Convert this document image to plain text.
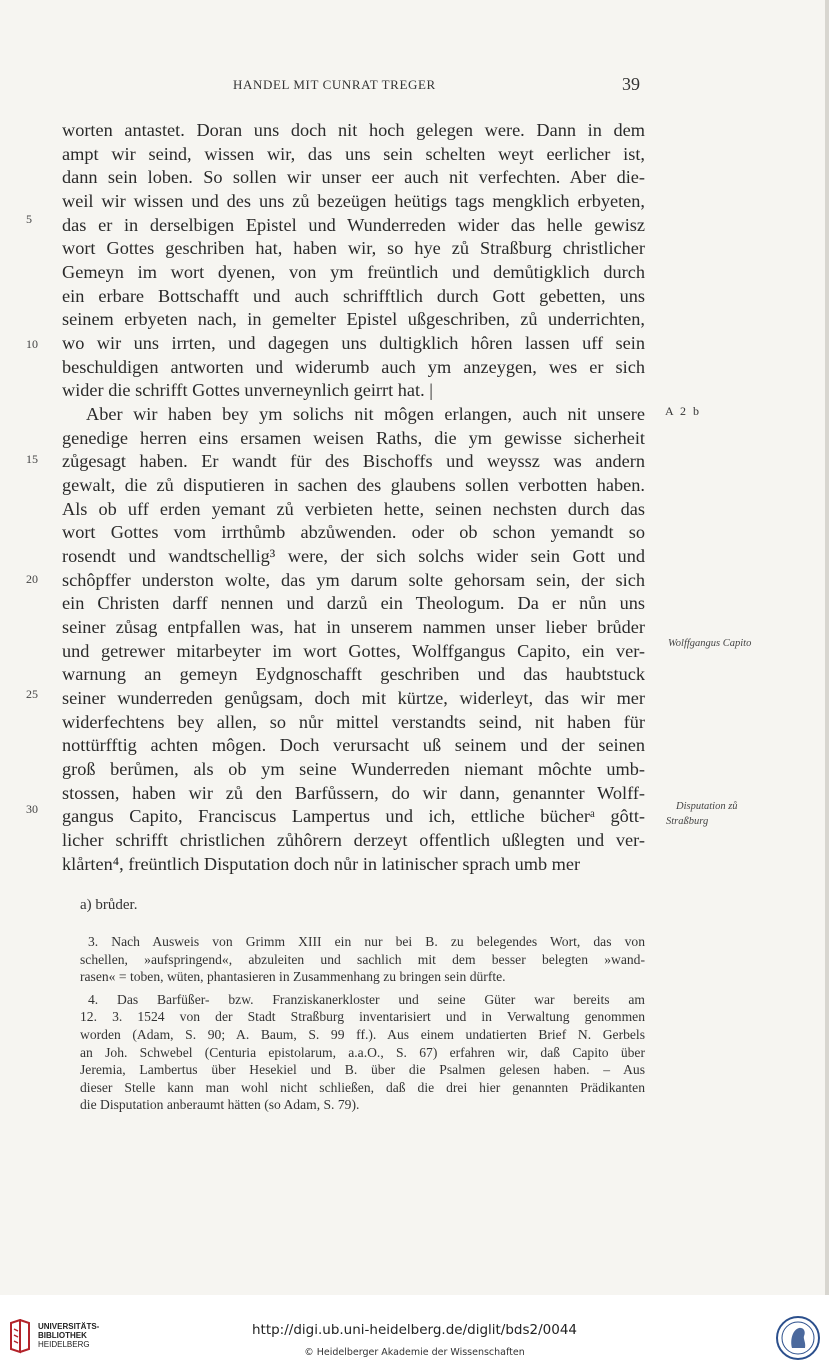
HANDEL MIT CUNRAT TREGER	39
worten antastet. Doran uns doch nit hoch gelegen were. Dann in dem
ampt wir seind, wissen wir, das uns sein schelten weyt eerlicher ist,
dann sein loben. So sollen wir unser eer auch nit verfechten. Aber die-
weil wir wissen und des uns zů bezeügen heütigs tags mengklich erbyeten,
das er in derselbigen Epistel und Wunderreden wider das helle gewisz
wort Gottes geschriben hat, haben wir, so hye zů Straßburg christlicher
Gemeyn im wort dyenen, von ym freüntlich und demůtigklich durch
ein erbare Bottschafft und auch schrifftlich durch Gott gebetten, uns
seinem erbyeten nach, in gemelter Epistel ußgeschriben, zů underrichten,
wo wir uns irrten, und dagegen uns dultigklich hôren lassen uff sein
beschuldigen antworten und widerumb auch ym anzeygen, wes er sich
wider die schrifft Gottes unverneynlich geirrt hat. |
Aber wir haben bey ym solichs nit môgen erlangen, auch nit unsere
genedige herren eins ersamen weisen Raths, die ym gewisse sicherheit
zůgesagt haben. Er wandt für des Bischoffs und weyssz was andern
gewalt, die zů disputieren in sachen des glaubens sollen verbotten haben.
Als ob uff erden yemant zů verbieten hette, seinen nechsten durch das
wort Gottes vom irrthůmb abzůwenden. oder ob schon yemandt so
rosendt und wandtschellig³ were, der sich solchs wider sein Gott und
schôpffer underston wolte, das ym darum solte gehorsam sein, der sich
ein Christen darff nennen und darzů ein Theologum. Da er nůn uns
seiner zůsag entpfallen was, hat in unserem nammen unser lieber brůder
und getrewer mitarbeyter im wort Gottes, Wolffgangus Capito, ein ver-
warnung an gemeyn Eydgnoschafft geschriben und das haubtstuck
seiner wunderreden genůgsam, doch mit kürtze, widerleyt, das wir mer
widerfechtens bey allen, so nůr mittel verstandts seind, nit haben für
nottürfftig achten môgen. Doch verursacht uß seinem und der seinen
groß berůmen, als ob ym seine Wunderreden niemant môchte umb-
stossen, haben wir zů den Barfůssern, do wir dann, genannter Wolff-
gangus Capito, Franciscus Lampertus und ich, ettliche bücherᵃ gôtt-
licher schrifft christlichen zůhôrern derzeyt offentlich ußlegten und ver-
klårten⁴, freüntlich Disputation doch nůr in latinischer sprach umb mer
5
10
15
20
25
30
A 2 b
Wolffgangus Capito
Disputation zů
Straßburg
a) brůder.
3. Nach Ausweis von Grimm XIII ein nur bei B. zu belegendes Wort, das von
schellen, »aufspringend«, abzuleiten und sachlich mit dem besser belegten »wand-
rasen« = toben, wüten, phantasieren in Zusammenhang zu bringen sein dürfte.
4. Das Barfüßer- bzw. Franziskanerkloster und seine Güter war bereits am
12. 3. 1524 von der Stadt Straßburg inventarisiert und in Verwaltung genommen
worden (Adam, S. 90; A. Baum, S. 99 ff.). Aus einem undatierten Brief N. Gerbels
an Joh. Schwebel (Centuria epistolarum, a.a.O., S. 67) erfahren wir, daß Capito über
Jeremia, Lambertus über Hesekiel und B. über die Psalmen gelesen haben. – Aus
dieser Stelle kann man wohl nicht schließen, daß die drei hier genannten Prädikanten
die Disputation anberaumt hätten (so Adam, S. 79).
UNIVERSITÄTS-
BIBLIOTHEK
HEIDELBERG
http://digi.ub.uni-heidelberg.de/diglit/bds2/0044
© Heidelberger Akademie der Wissenschaften
